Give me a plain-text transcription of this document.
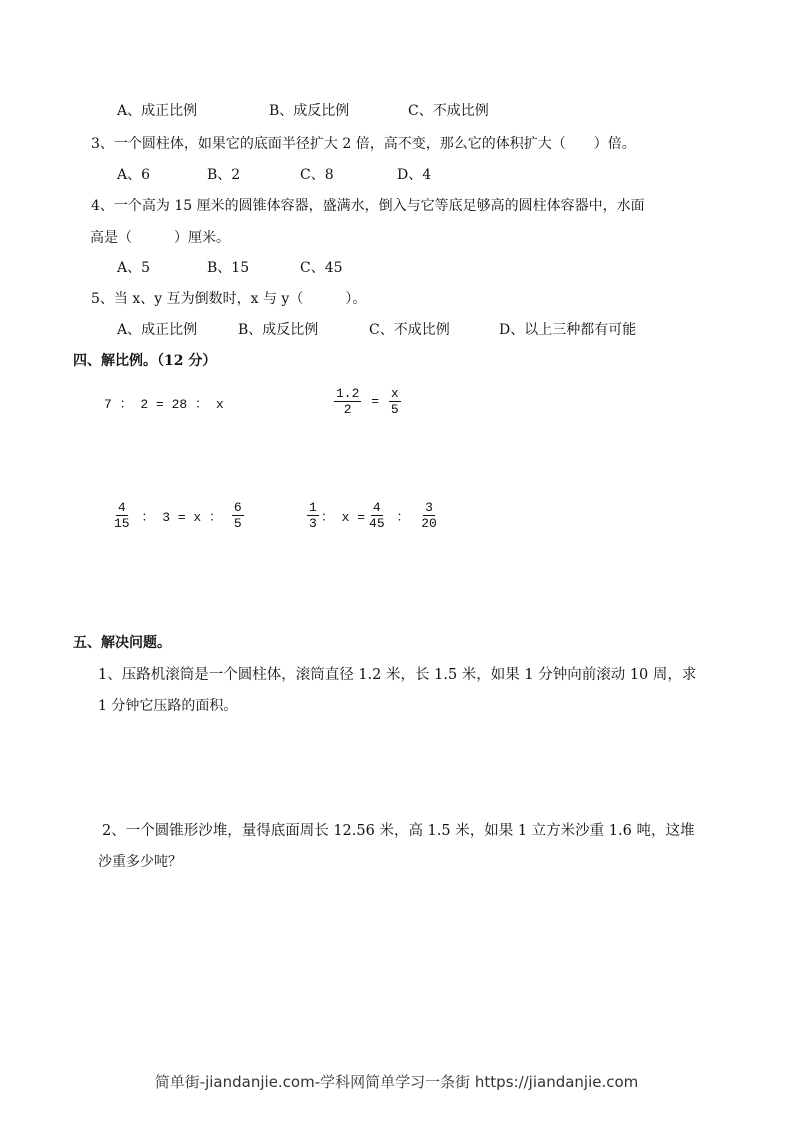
A、成正比例	B、成反比例	C、不成比例
3、一个圆柱体，如果它的底面半径扩大 2 倍，高不变，那么它的体积扩大（　　）倍。
A、6	B、2	C、8	D、4
4、一个高为 15 厘米的圆锥体容器，盛满水，倒入与它等底足够高的圆柱体容器中，水面
高是（　　　）厘米。
A、5	B、15	C、45
5、当 x、y 互为倒数时，x 与 y（　　　）。
A、成正比例	B、成反比例	C、不成比例	D、以上三种都有可能
四、解比例。（12 分）
7 ： 2 = 28 ： x	$\frac{1.2}{2} = \frac{x}{5}$
$\frac{4}{15}$ ： 3 = x ： $\frac{6}{5}$	$\frac{1}{3}$ ： $x = \frac{4}{45}$ ： $\frac{3}{20}$
五、解决问题。
1、压路机滚筒是一个圆柱体，滚筒直径 1.2 米，长 1.5 米，如果 1 分钟向前滚动 10 周，求
1 分钟它压路的面积。
2、一个圆锥形沙堆，量得底面周长 12.56 米，高 1.5 米，如果 1 立方米沙重 1.6 吨，这堆
沙重多少吨？
简单街-jiandanjie.com-学科网简单学习一条街 https://jiandanjie.com
